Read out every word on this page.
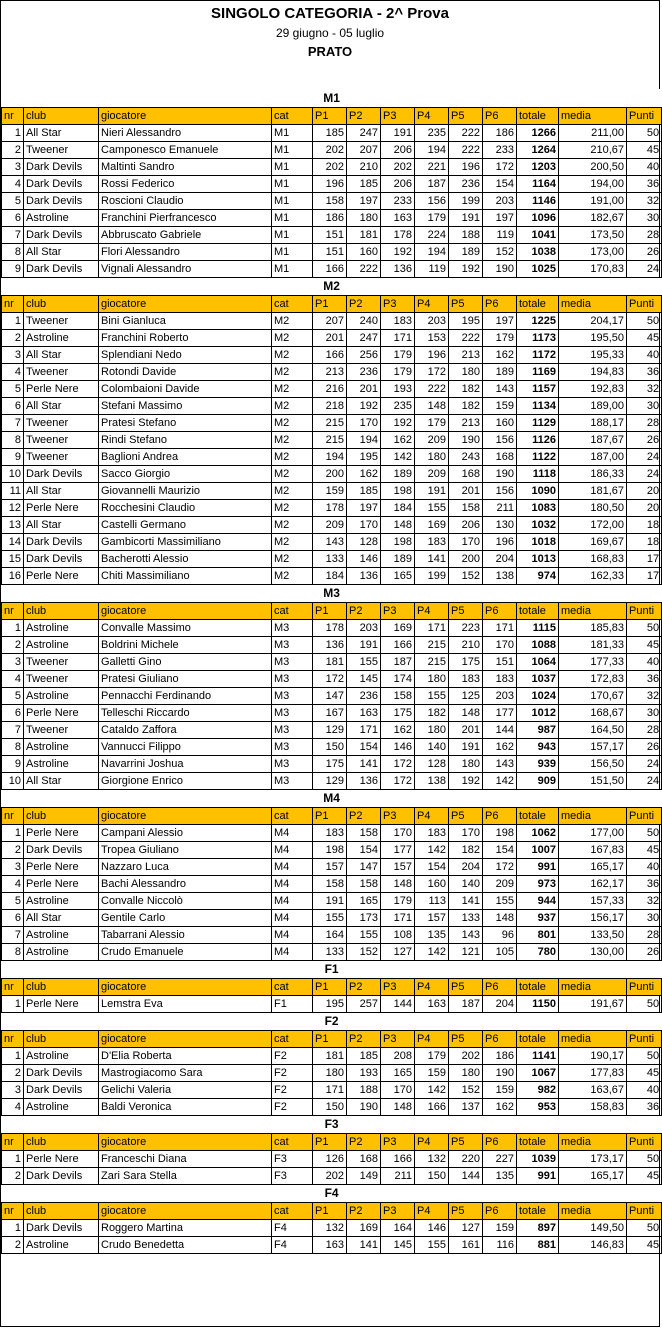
SINGOLO CATEGORIA - 2^ Prova
29 giugno - 05 luglio
PRATO
M1												
nr	club	giocatore	cat	P1	P2	P3	P4	P5	P6	totale	media	Punti
1	All Star	Nieri Alessandro	M1	185	247	191	235	222	186	1266	211,00	50
2	Tweener	Camponesco Emanuele	M1	202	207	206	194	222	233	1264	210,67	45
3	Dark Devils	Maltinti Sandro	M1	202	210	202	221	196	172	1203	200,50	40
4	Dark Devils	Rossi Federico	M1	196	185	206	187	236	154	1164	194,00	36
5	Dark Devils	Roscioni Claudio	M1	158	197	233	156	199	203	1146	191,00	32
6	Astroline	Franchini Pierfrancesco	M1	186	180	163	179	191	197	1096	182,67	30
7	Dark Devils	Abbruscato Gabriele	M1	151	181	178	224	188	119	1041	173,50	28
8	All Star	Flori Alessandro	M1	151	160	192	194	189	152	1038	173,00	26
9	Dark Devils	Vignali Alessandro	M1	166	222	136	119	192	190	1025	170,83	24
M2												
nr	club	giocatore	cat	P1	P2	P3	P4	P5	P6	totale	media	Punti
1	Tweener	Bini Gianluca	M2	207	240	183	203	195	197	1225	204,17	50
2	Astroline	Franchini Roberto	M2	201	247	171	153	222	179	1173	195,50	45
3	All Star	Splendiani Nedo	M2	166	256	179	196	213	162	1172	195,33	40
4	Tweener	Rotondi Davide	M2	213	236	179	172	180	189	1169	194,83	36
5	Perle Nere	Colombaioni Davide	M2	216	201	193	222	182	143	1157	192,83	32
6	All Star	Stefani Massimo	M2	218	192	235	148	182	159	1134	189,00	30
7	Tweener	Pratesi Stefano	M2	215	170	192	179	213	160	1129	188,17	28
8	Tweener	Rindi Stefano	M2	215	194	162	209	190	156	1126	187,67	26
9	Tweener	Baglioni Andrea	M2	194	195	142	180	243	168	1122	187,00	24
10	Dark Devils	Sacco Giorgio	M2	200	162	189	209	168	190	1118	186,33	24
11	All Star	Giovannelli Maurizio	M2	159	185	198	191	201	156	1090	181,67	20
12	Perle Nere	Rocchesini Claudio	M2	178	197	184	155	158	211	1083	180,50	20
13	All Star	Castelli Germano	M2	209	170	148	169	206	130	1032	172,00	18
14	Dark Devils	Gambicorti Massimiliano	M2	143	128	198	183	170	196	1018	169,67	18
15	Dark Devils	Bacherotti Alessio	M2	133	146	189	141	200	204	1013	168,83	17
16	Perle Nere	Chiti Massimiliano	M2	184	136	165	199	152	138	974	162,33	17
M3												
nr	club	giocatore	cat	P1	P2	P3	P4	P5	P6	totale	media	Punti
1	Astroline	Convalle Massimo	M3	178	203	169	171	223	171	1115	185,83	50
2	Astroline	Boldrini Michele	M3	136	191	166	215	210	170	1088	181,33	45
3	Tweener	Galletti Gino	M3	181	155	187	215	175	151	1064	177,33	40
4	Tweener	Pratesi Giuliano	M3	172	145	174	180	183	183	1037	172,83	36
5	Astroline	Pennacchi Ferdinando	M3	147	236	158	155	125	203	1024	170,67	32
6	Perle Nere	Telleschi Riccardo	M3	167	163	175	182	148	177	1012	168,67	30
7	Tweener	Cataldo Zaffora	M3	129	171	162	180	201	144	987	164,50	28
8	Astroline	Vannucci Filippo	M3	150	154	146	140	191	162	943	157,17	26
9	Astroline	Navarrini Joshua	M3	175	141	172	128	180	143	939	156,50	24
10	All Star	Giorgione Enrico	M3	129	136	172	138	192	142	909	151,50	24
M4												
nr	club	giocatore	cat	P1	P2	P3	P4	P5	P6	totale	media	Punti
1	Perle Nere	Campani Alessio	M4	183	158	170	183	170	198	1062	177,00	50
2	Dark Devils	Tropea Giuliano	M4	198	154	177	142	182	154	1007	167,83	45
3	Perle Nere	Nazzaro Luca	M4	157	147	157	154	204	172	991	165,17	40
4	Perle Nere	Bachi Alessandro	M4	158	158	148	160	140	209	973	162,17	36
5	Astroline	Convalle Niccolò	M4	191	165	179	113	141	155	944	157,33	32
6	All Star	Gentile Carlo	M4	155	173	171	157	133	148	937	156,17	30
7	Astroline	Tabarrani Alessio	M4	164	155	108	135	143	96	801	133,50	28
8	Astroline	Crudo Emanuele	M4	133	152	127	142	121	105	780	130,00	26
F1												
nr	club	giocatore	cat	P1	P2	P3	P4	P5	P6	totale	media	Punti
1	Perle Nere	Lemstra Eva	F1	195	257	144	163	187	204	1150	191,67	50
F2												
nr	club	giocatore	cat	P1	P2	P3	P4	P5	P6	totale	media	Punti
1	Astroline	D'Elia Roberta	F2	181	185	208	179	202	186	1141	190,17	50
2	Dark Devils	Mastrogiacomo Sara	F2	180	193	165	159	180	190	1067	177,83	45
3	Dark Devils	Gelichi Valeria	F2	171	188	170	142	152	159	982	163,67	40
4	Astroline	Baldi Veronica	F2	150	190	148	166	137	162	953	158,83	36
F3												
nr	club	giocatore	cat	P1	P2	P3	P4	P5	P6	totale	media	Punti
1	Perle Nere	Franceschi Diana	F3	126	168	166	132	220	227	1039	173,17	50
2	Dark Devils	Zari Sara Stella	F3	202	149	211	150	144	135	991	165,17	45
F4												
nr	club	giocatore	cat	P1	P2	P3	P4	P5	P6	totale	media	Punti
1	Dark Devils	Roggero Martina	F4	132	169	164	146	127	159	897	149,50	50
2	Astroline	Crudo Benedetta	F4	163	141	145	155	161	116	881	146,83	45
